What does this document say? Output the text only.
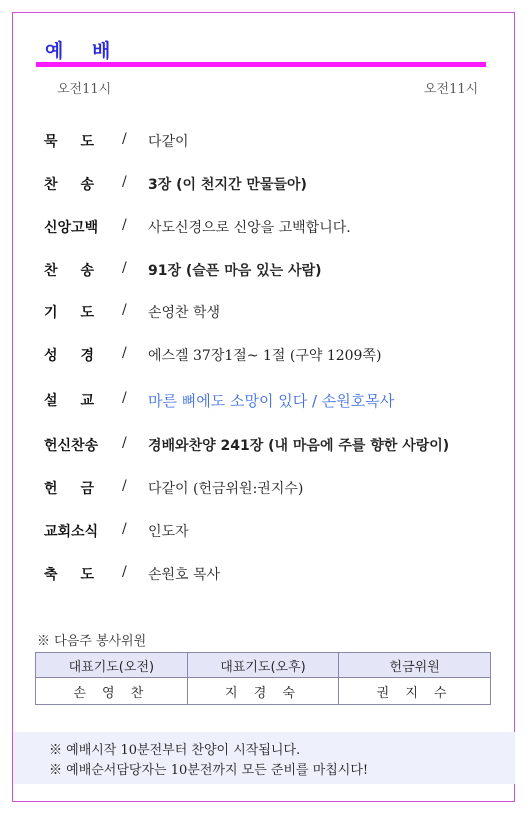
예 배
오전11시	오전11시
묵 도 / 다같이
찬 송 / 3장 (이 천지간 만물들아)
신앙고백 / 사도신경으로 신앙을 고백합니다.
찬 송 / 91장 (슬픈 마음 있는 사람)
기 도 / 손영찬 학생
성 경 / 에스겔 37장1절~ 1절 (구약 1209쪽)
설 교 / 마른 뼈에도 소망이 있다 / 손원호목사
헌신찬송 / 경배와찬양 241장 (내 마음에 주를 향한 사랑이)
헌 금 / 다같이 (헌금위원:권지수)
교회소식 / 인도자
축 도 / 손원호 목사
※ 다음주 봉사위원
대표기도(오전)	대표기도(오후)	헌금위원
손 영 찬	지 경 숙	권 지 수

※ 예배시작 10분전부터 찬양이 시작됩니다.

※ 예배순서담당자는 10분전까지 모든 준비를 마칩시다!
